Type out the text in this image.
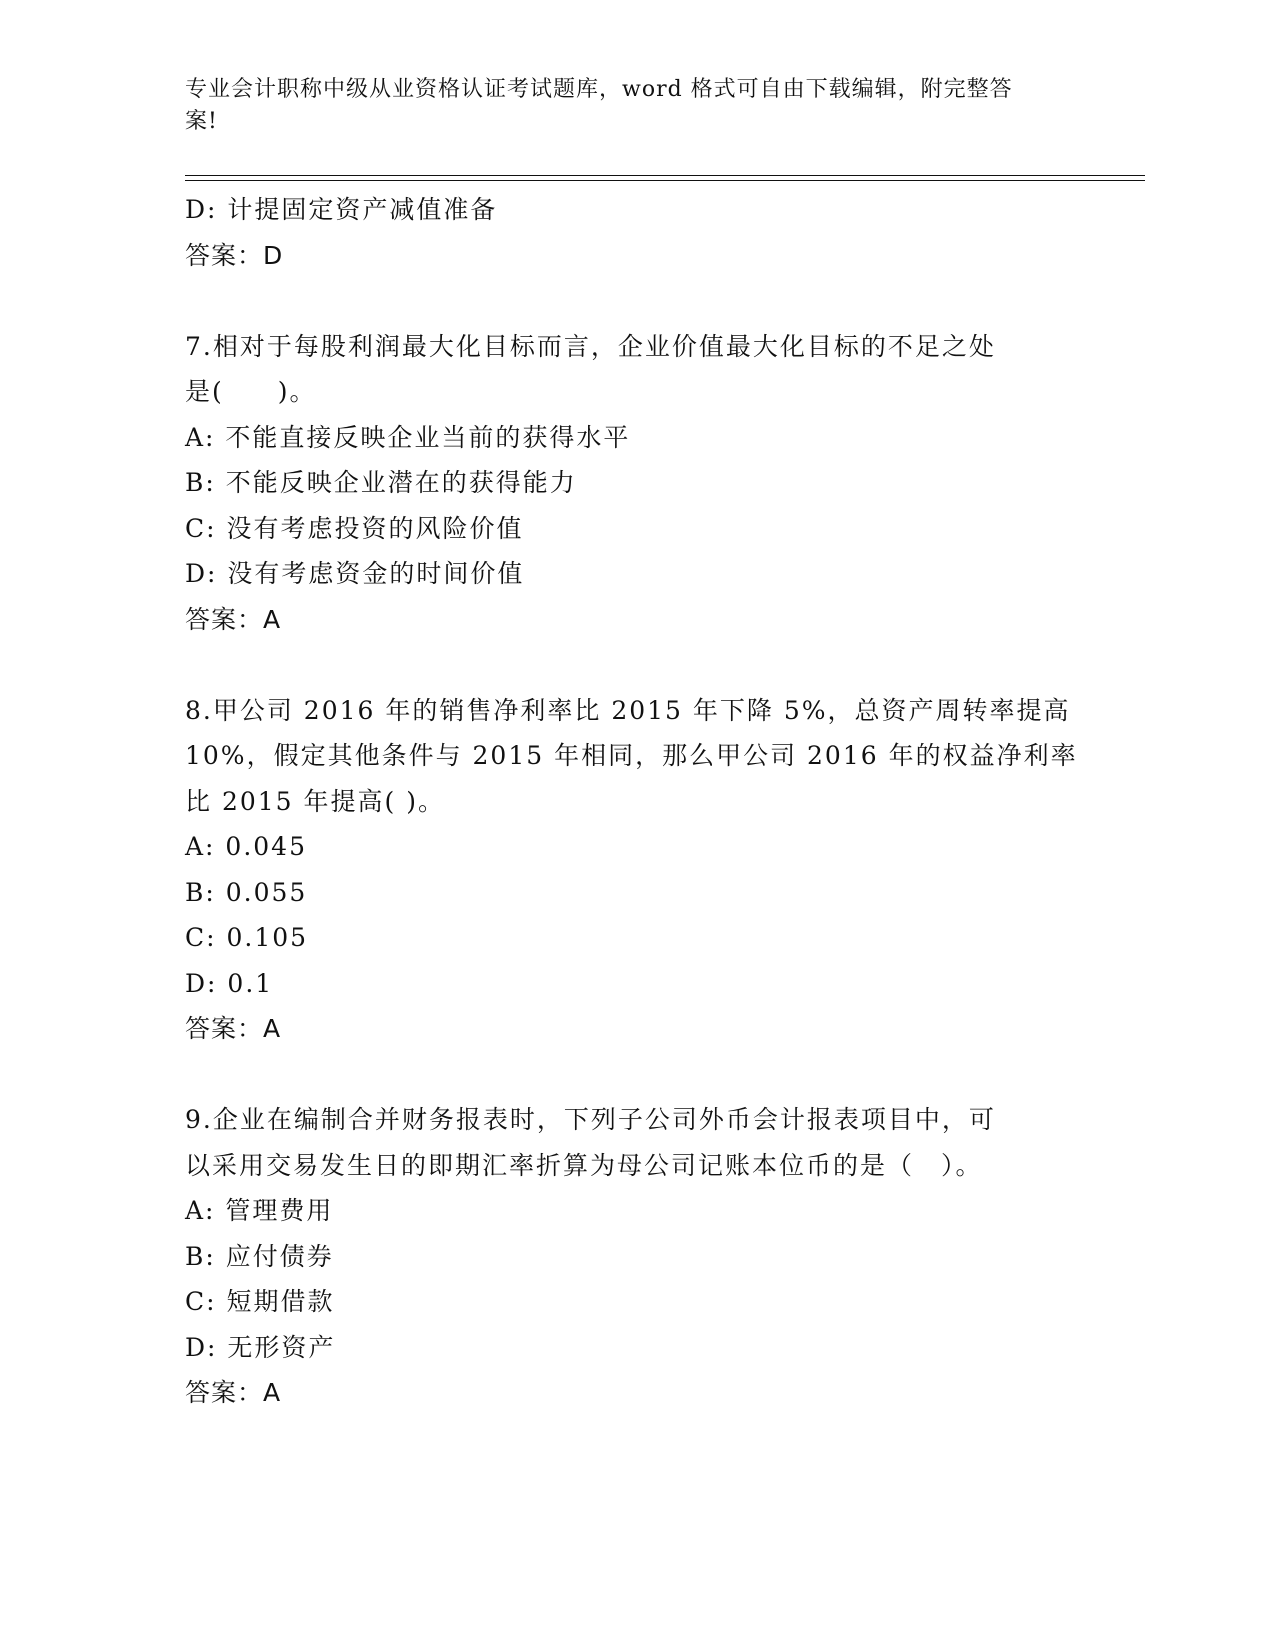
专业会计职称中级从业资格认证考试题库，word 格式可自由下载编辑，附完整答
案!
D: 计提固定资产减值准备
答案：D
7.相对于每股利润最大化目标而言，企业价值最大化目标的不足之处
是(　　)。
A: 不能直接反映企业当前的获得水平
B: 不能反映企业潜在的获得能力
C: 没有考虑投资的风险价值
D: 没有考虑资金的时间价值
答案：A
8.甲公司 2016 年的销售净利率比 2015 年下降 5%，总资产周转率提高
10%，假定其他条件与 2015 年相同，那么甲公司 2016 年的权益净利率
比 2015 年提高( )。
A: 0.045
B: 0.055
C: 0.105
D: 0.1
答案：A
9.企业在编制合并财务报表时，下列子公司外币会计报表项目中，可
以采用交易发生日的即期汇率折算为母公司记账本位币的是（　）。
A: 管理费用
B: 应付债券
C: 短期借款
D: 无形资产
答案：A
